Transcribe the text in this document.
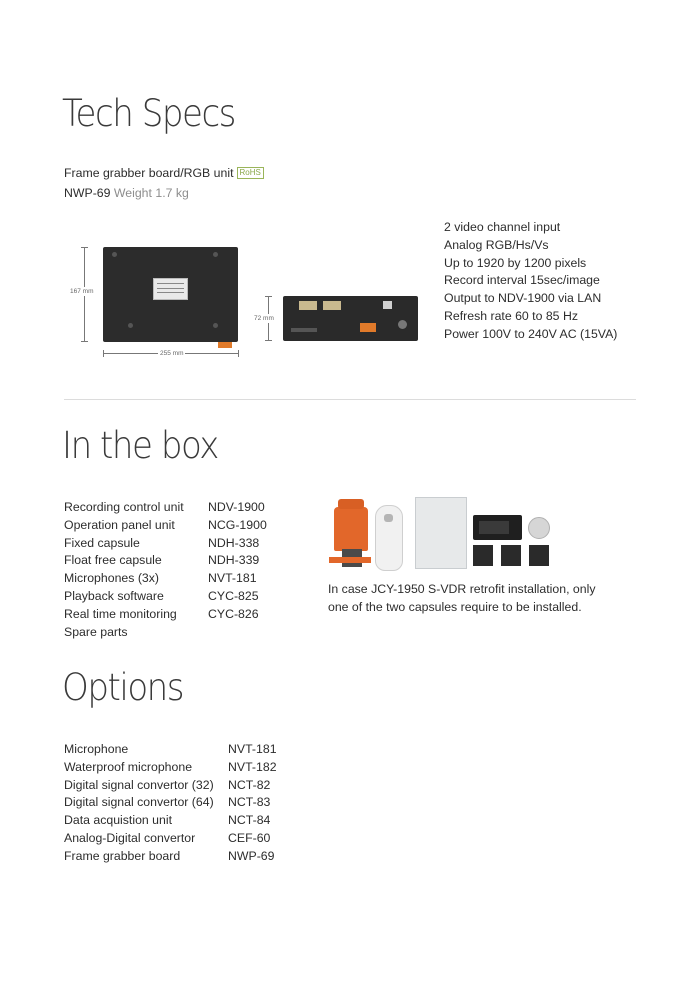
Tech Specs
Frame grabber board/RGB unit RoHS
NWP-69 Weight 1.7 kg
167 mm
255 mm
72 mm
2 video channel input
Analog RGB/Hs/Vs
Up to 1920 by 1200 pixels
Record interval 15sec/image
Output to NDV-1900 via LAN
Refresh rate 60 to 85 Hz
Power 100V to 240V AC (15VA)
In the box
Recording control unit	NDV-1900
Operation panel unit	NCG-1900
Fixed capsule	NDH-338
Float free capsule	NDH-339
Microphones (3x)	NVT-181
Playback software	CYC-825
Real time monitoring	CYC-826
Spare parts
In case JCY-1950 S-VDR retrofit installation, only
one of the two capsules require to be installed.
Options
Microphone	NVT-181
Waterproof microphone	NVT-182
Digital signal convertor (32)	NCT-82
Digital signal convertor (64)	NCT-83
Data acquistion unit	NCT-84
Analog-Digital convertor	CEF-60
Frame grabber board	NWP-69
